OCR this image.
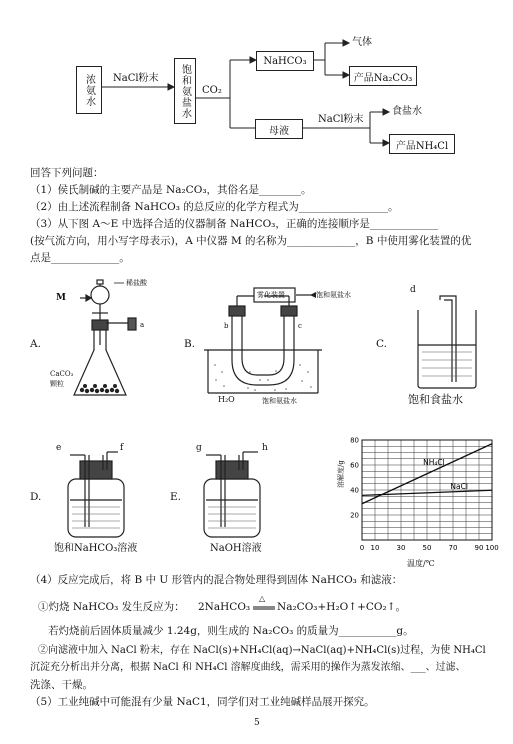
浓氨水 NaCl粉末 饱和氨盐水 CO₂
NaHCO₃
气体
产品Na₂CO₃
母液
NaCl粉末
食盐水
产品NH₄Cl
回答下列问题：
（1）侯氏制碱的主要产品是 Na₂CO₃，其俗名是________。
（2）由上述流程制备 NaHCO₃ 的总反应的化学方程式为_________________。
（3）从下图 A～E 中选择合适的仪器制备 NaHCO₃，正确的连接顺序是_____________
(按气流方向，用小写字母表示)，A 中仪器 M 的名称为_____________，B 中使用雾化装置的优
点是_____________。
A.
稀盐酸
M
a
CaCO₃
颗粒
B.
雾化装置	饱和氨盐水
b	c
H₂O	饱和氨盐水
C.
d
饱和食盐水
D.
e	f
饱和NaHCO₃溶液
E.
g	h
NaOH溶液	0 10 30 50 70 90 100
20
40
60
80
NH₄Cl
NaCl
溶解度/g
温度/℃
（4）反应完成后，将 B 中 U 形管内的混合物处理得到固体 NaHCO₃ 和滤液：
①灼烧 NaHCO₃ 发生反应为： 2NaHCO₃
△
Na₂CO₃+H₂O↑+CO₂↑。
若灼烧前后固体质量减少 1.24g，则生成的 Na₂CO₃ 的质量为___________g。
②向滤液中加入 NaCl 粉末，存在 NaCl(s)+NH₄Cl(aq)→NaCl(aq)+NH₄Cl(s)过程，为使 NH₄Cl
沉淀充分析出并分离，根据 NaCl 和 NH₄Cl 溶解度曲线，需采用的操作为蒸发浓缩、___、过滤、
洗涤、干燥。
（5）工业纯碱中可能混有少量 NaC1，同学们对工业纯碱样品展开探究。
5
